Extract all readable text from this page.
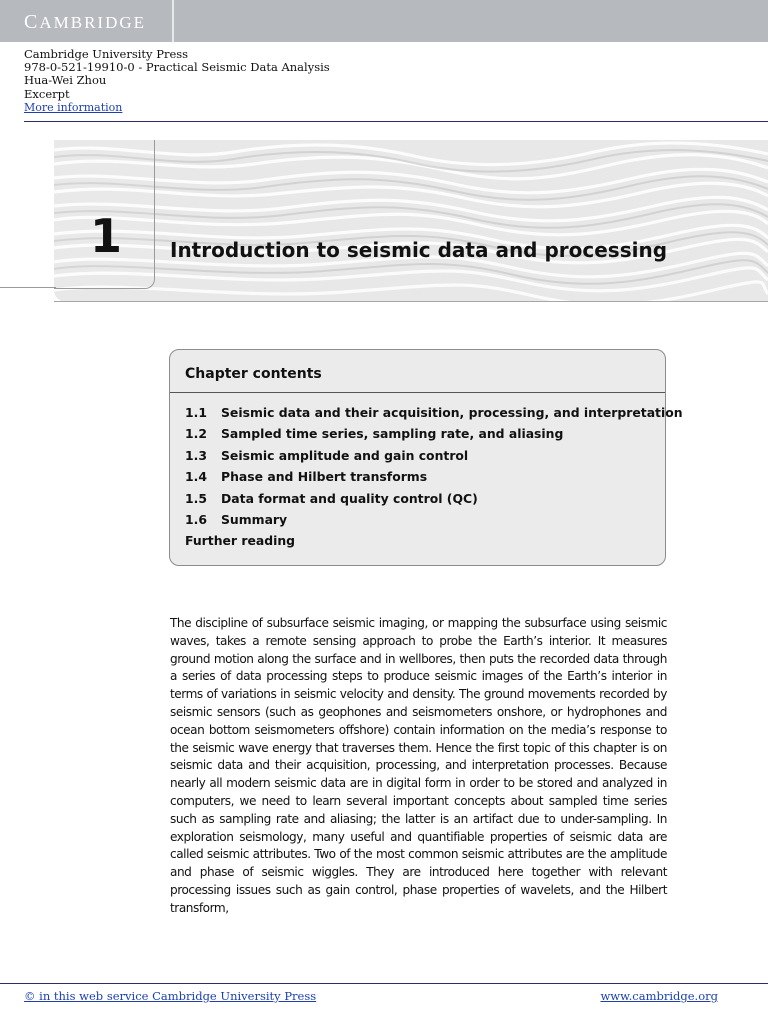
CAMBRIDGE
Cambridge University Press
978-0-521-19910-0 - Practical Seismic Data Analysis
Hua-Wei Zhou
Excerpt
More information
1 Introduction to seismic data and processing
Chapter contents
1.1 Seismic data and their acquisition, processing, and interpretation
1.2 Sampled time series, sampling rate, and aliasing
1.3 Seismic amplitude and gain control
1.4 Phase and Hilbert transforms
1.5 Data format and quality control (QC)
1.6 Summary
Further reading

The discipline of subsurface seismic imaging, or mapping the subsurface using seismic waves, takes a remote sensing approach to probe the Earth’s interior. It measures ground motion along the surface and in wellbores, then puts the recorded data through a series of data processing steps to produce seismic images of the Earth’s interior in terms of variations in seismic velocity and density. The ground movements recorded by seismic sensors (such as geophones and seismometers onshore, or hydrophones and ocean bottom seismometers offshore) contain information on the media’s response to the seismic wave energy that traverses them. Hence the first topic of this chapter is on seismic data and their acquisition, processing, and interpretation processes. Because nearly all modern seismic data are in digital form in order to be stored and analyzed in computers, we need to learn several important concepts about sampled time series such as sampling rate and aliasing; the latter is an artifact due to under-sampling. In exploration seismology, many useful and quantifiable properties of seismic data are called seismic attributes. Two of the most common seismic attributes are the amplitude and phase of seismic wiggles. They are introduced here together with relevant processing issues such as gain control, phase properties of wavelets, and the Hilbert transform,

© in this web service Cambridge University Press	www.cambridge.org
